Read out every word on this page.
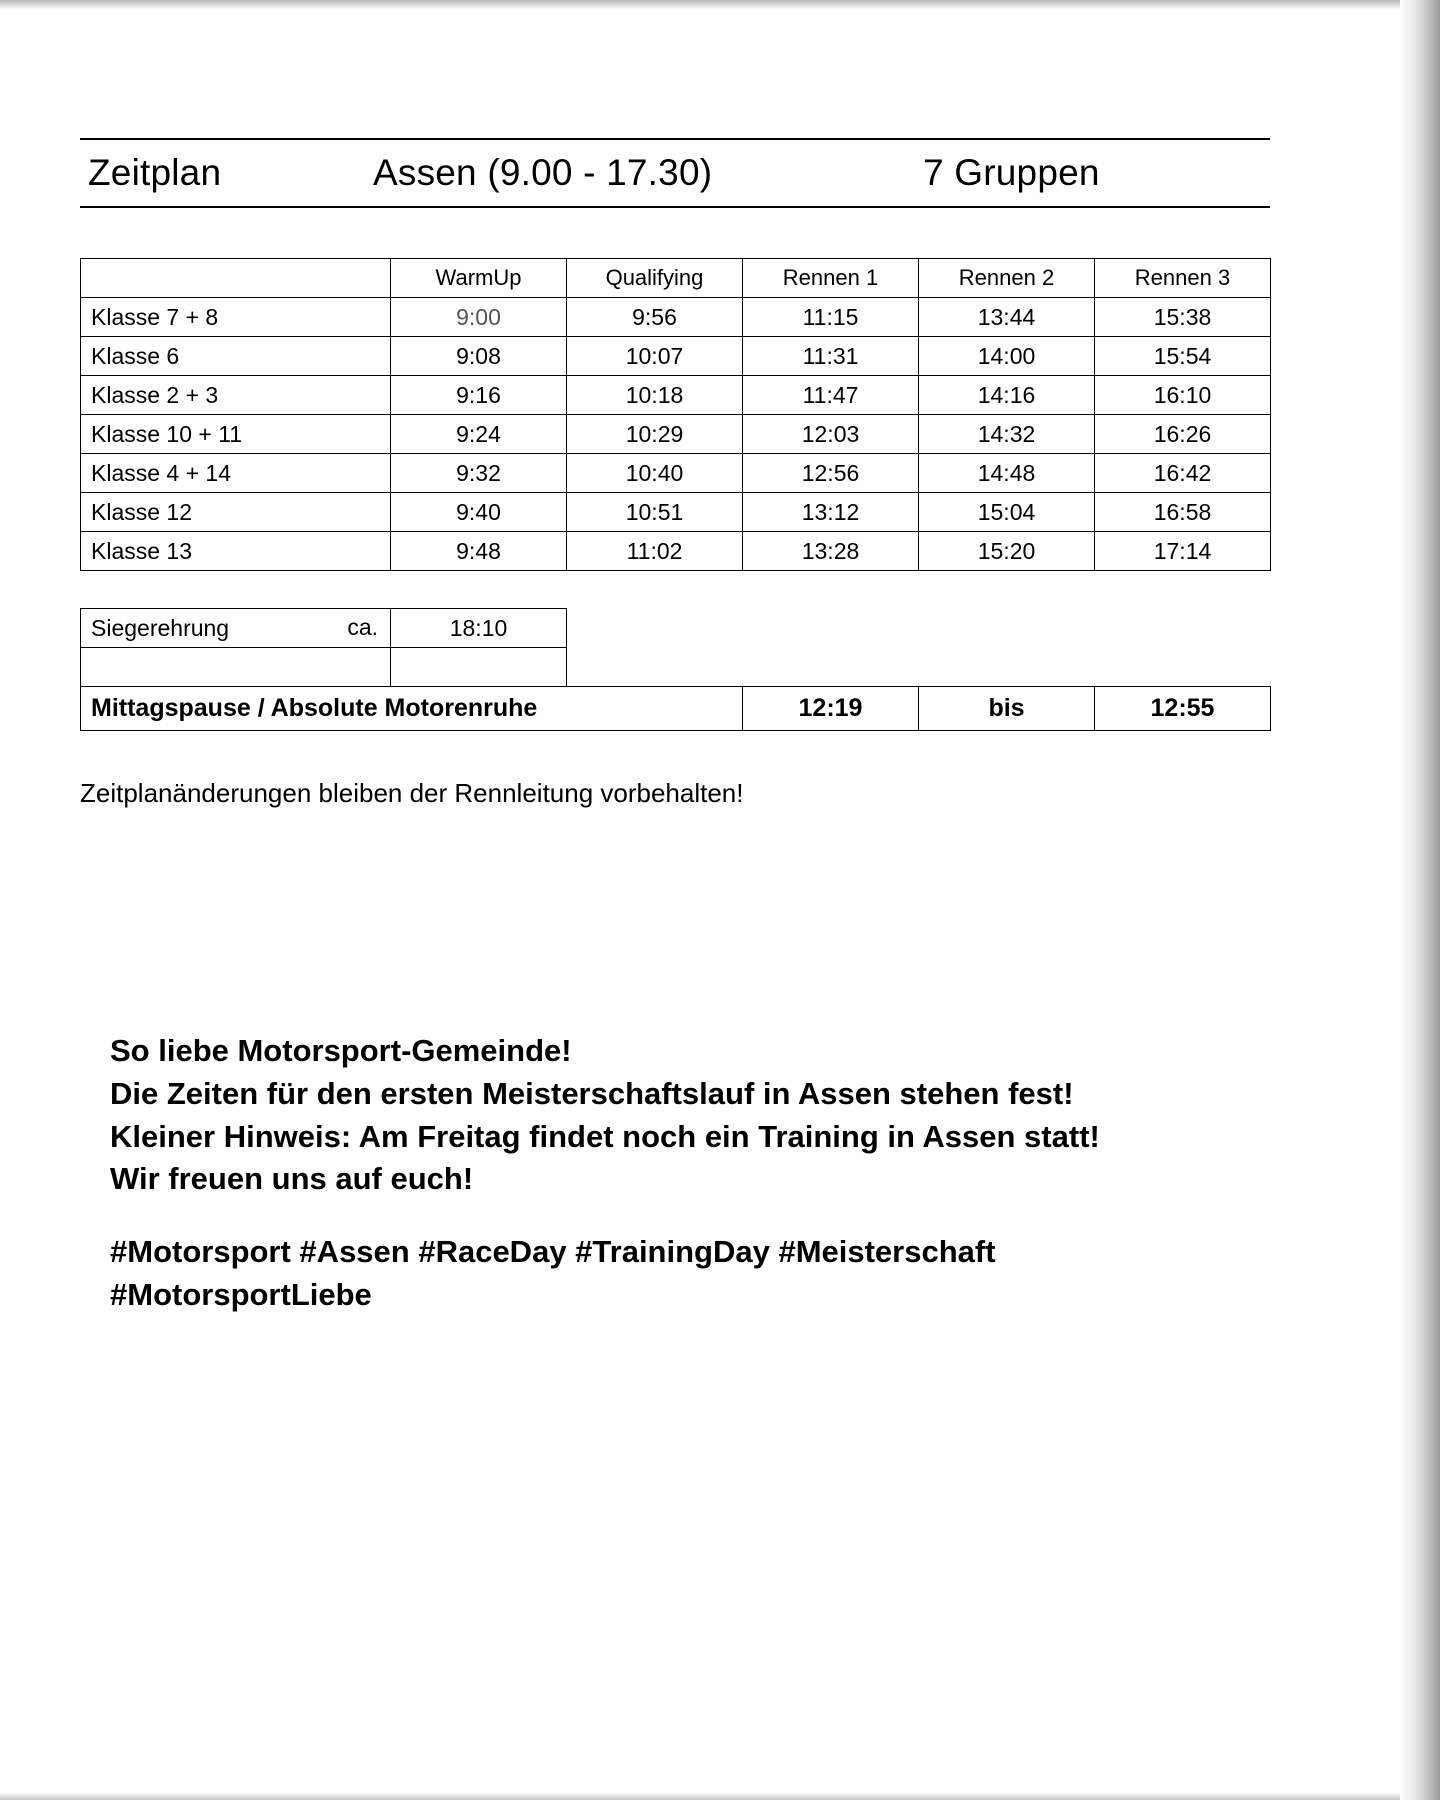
Zeitplan	Assen (9.00 - 17.30)	7 Gruppen
	WarmUp	Qualifying	Rennen 1	Rennen 2	Rennen 3
Klasse 7 + 8	9:00	9:56	11:15	13:44	15:38
Klasse 6	9:08	10:07	11:31	14:00	15:54
Klasse 2 + 3	9:16	10:18	11:47	14:16	16:10
Klasse 10 + 11	9:24	10:29	12:03	14:32	16:26
Klasse 4 + 14	9:32	10:40	12:56	14:48	16:42
Klasse 12	9:40	10:51	13:12	15:04	16:58
Klasse 13	9:48	11:02	13:28	15:20	17:14
Siegerehrung ca.	18:10

Mittagspause / Absolute Motorenruhe	12:19	bis	12:55
Zeitplanänderungen bleiben der Rennleitung vorbehalten!

So liebe Motorsport-Gemeinde!

Die Zeiten für den ersten Meisterschaftslauf in Assen stehen fest!

Kleiner Hinweis: Am Freitag findet noch ein Training in Assen statt!

Wir freuen uns auf euch!

#Motorsport #Assen #RaceDay #TrainingDay #Meisterschaft #MotorsportLiebe
